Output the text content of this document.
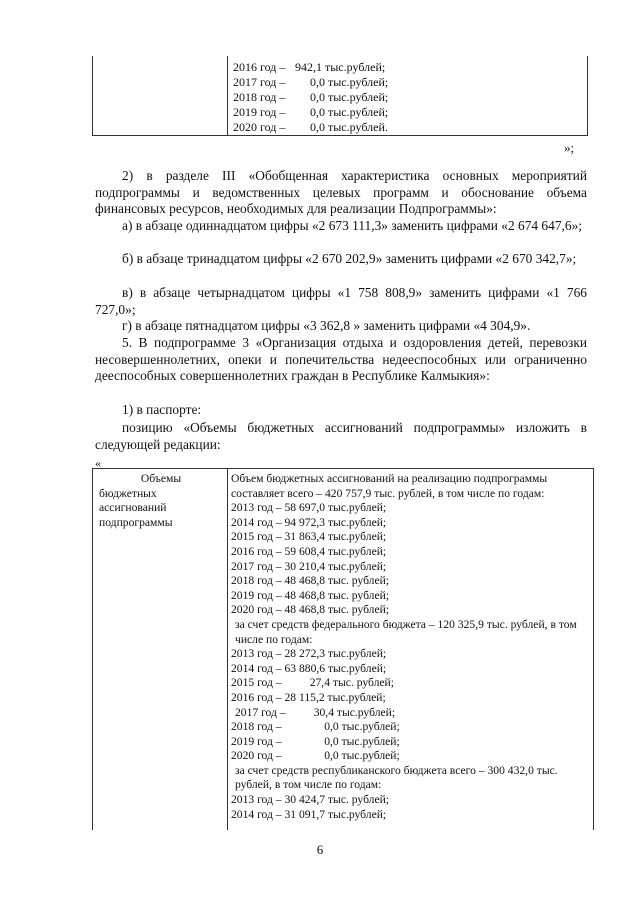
2016 год – 942,1 тыс.рублей;
2017 год – 0,0 тыс.рублей;
2018 год – 0,0 тыс.рублей;
2019 год – 0,0 тыс.рублей;
2020 год – 0,0 тыс.рублей.
»;
2) в разделе III «Обобщенная характеристика основных мероприятий подпрограммы и ведомственных целевых программ и обоснование объема финансовых ресурсов, необходимых для реализации Подпрограммы»:
а) в абзаце одиннадцатом цифры «2 673 111,3» заменить цифрами «2 674 647,6»;
б) в абзаце тринадцатом цифры «2 670 202,9» заменить цифрами «2 670 342,7»;
в) в абзаце четырнадцатом цифры «1 758 808,9» заменить цифрами «1 766 727,0»;
г) в абзаце пятнадцатом цифры «3 362,8 » заменить цифрами «4 304,9».
5. В подпрограмме 3 «Организация отдыха и оздоровления детей, перевозки несовершеннолетних, опеки и попечительства недееспособных или ограниченно дееспособных совершеннолетних граждан в Республике Калмыкия»:
1) в паспорте:
позицию «Объемы бюджетных ассигнований подпрограммы» изложить в следующей редакции:
«
Объемы
бюджетных
ассигнований
подпрограммы
Объем бюджетных ассигнований на реализацию подпрограммы составляет всего – 420 757,9 тыс. рублей, в том числе по годам:
2013 год – 58 697,0 тыс.рублей;
2014 год – 94 972,3 тыс.рублей;
2015 год – 31 863,4 тыс.рублей;
2016 год – 59 608,4 тыс.рублей;
2017 год – 30 210,4 тыс.рублей;
2018 год – 48 468,8 тыс. рублей;
2019 год – 48 468,8 тыс. рублей;
2020 год – 48 468,8 тыс. рублей;
за счет средств федерального бюджета – 120 325,9 тыс. рублей, в том числе по годам:
2013 год – 28 272,3 тыс.рублей;
2014 год – 63 880,6 тыс.рублей;
2015 год – 27,4 тыс. рублей;
2016 год – 28 115,2 тыс.рублей;
2017 год – 30,4 тыс.рублей;
2018 год –	0,0 тыс.рублей;
2019 год –	0,0 тыс.рублей;
2020 год –	0,0 тыс.рублей;
за счет средств республиканского бюджета всего – 300 432,0 тыс. рублей, в том числе по годам:
2013 год – 30 424,7 тыс. рублей;
2014 год – 31 091,7 тыс.рублей;
6
